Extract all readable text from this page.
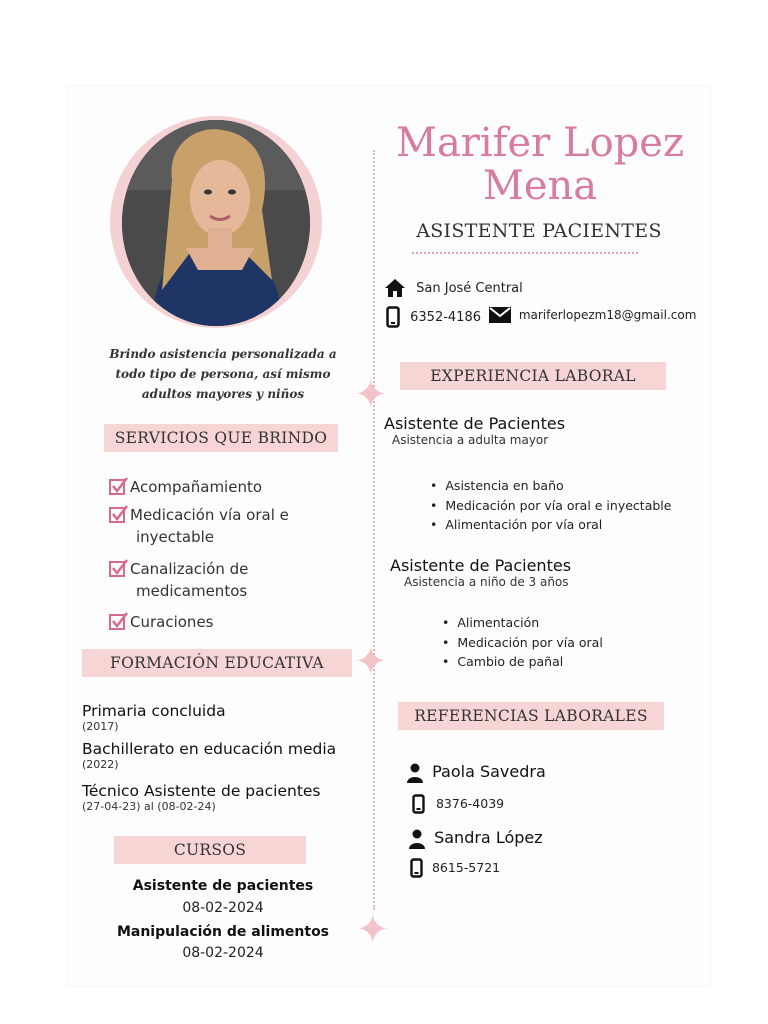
✦
✦
✦
Marifer Lopez
Mena
ASISTENTE PACIENTES
San José Central
6352-4186	mariferlopezm18@gmail.com
Brindo asistencia personalizada a
todo tipo de persona, así mismo
adultos mayores y niños
SERVICIOS QUE BRINDO
Acompañamiento
Medicación vía oral e
inyectable
Canalización de
medicamentos
Curaciones
FORMACIÓN EDUCATIVA
Primaria concluida
(2017)
Bachillerato en educación media
(2022)
Técnico Asistente de pacientes
(27-04-23) al (08-02-24)
CURSOS
Asistente de pacientes
08-02-2024
Manipulación de alimentos
08-02-2024
EXPERIENCIA LABORAL
Asistente de Pacientes
Asistencia a adulta mayor
• Asistencia en baño
• Medicación por vía oral e inyectable
• Alimentación por vía oral
Asistente de Pacientes
Asistencia a niño de 3 años
• Alimentación
• Medicación por vía oral
• Cambio de pañal
REFERENCIAS LABORALES
Paola Savedra
8376-4039
Sandra López
8615-5721
